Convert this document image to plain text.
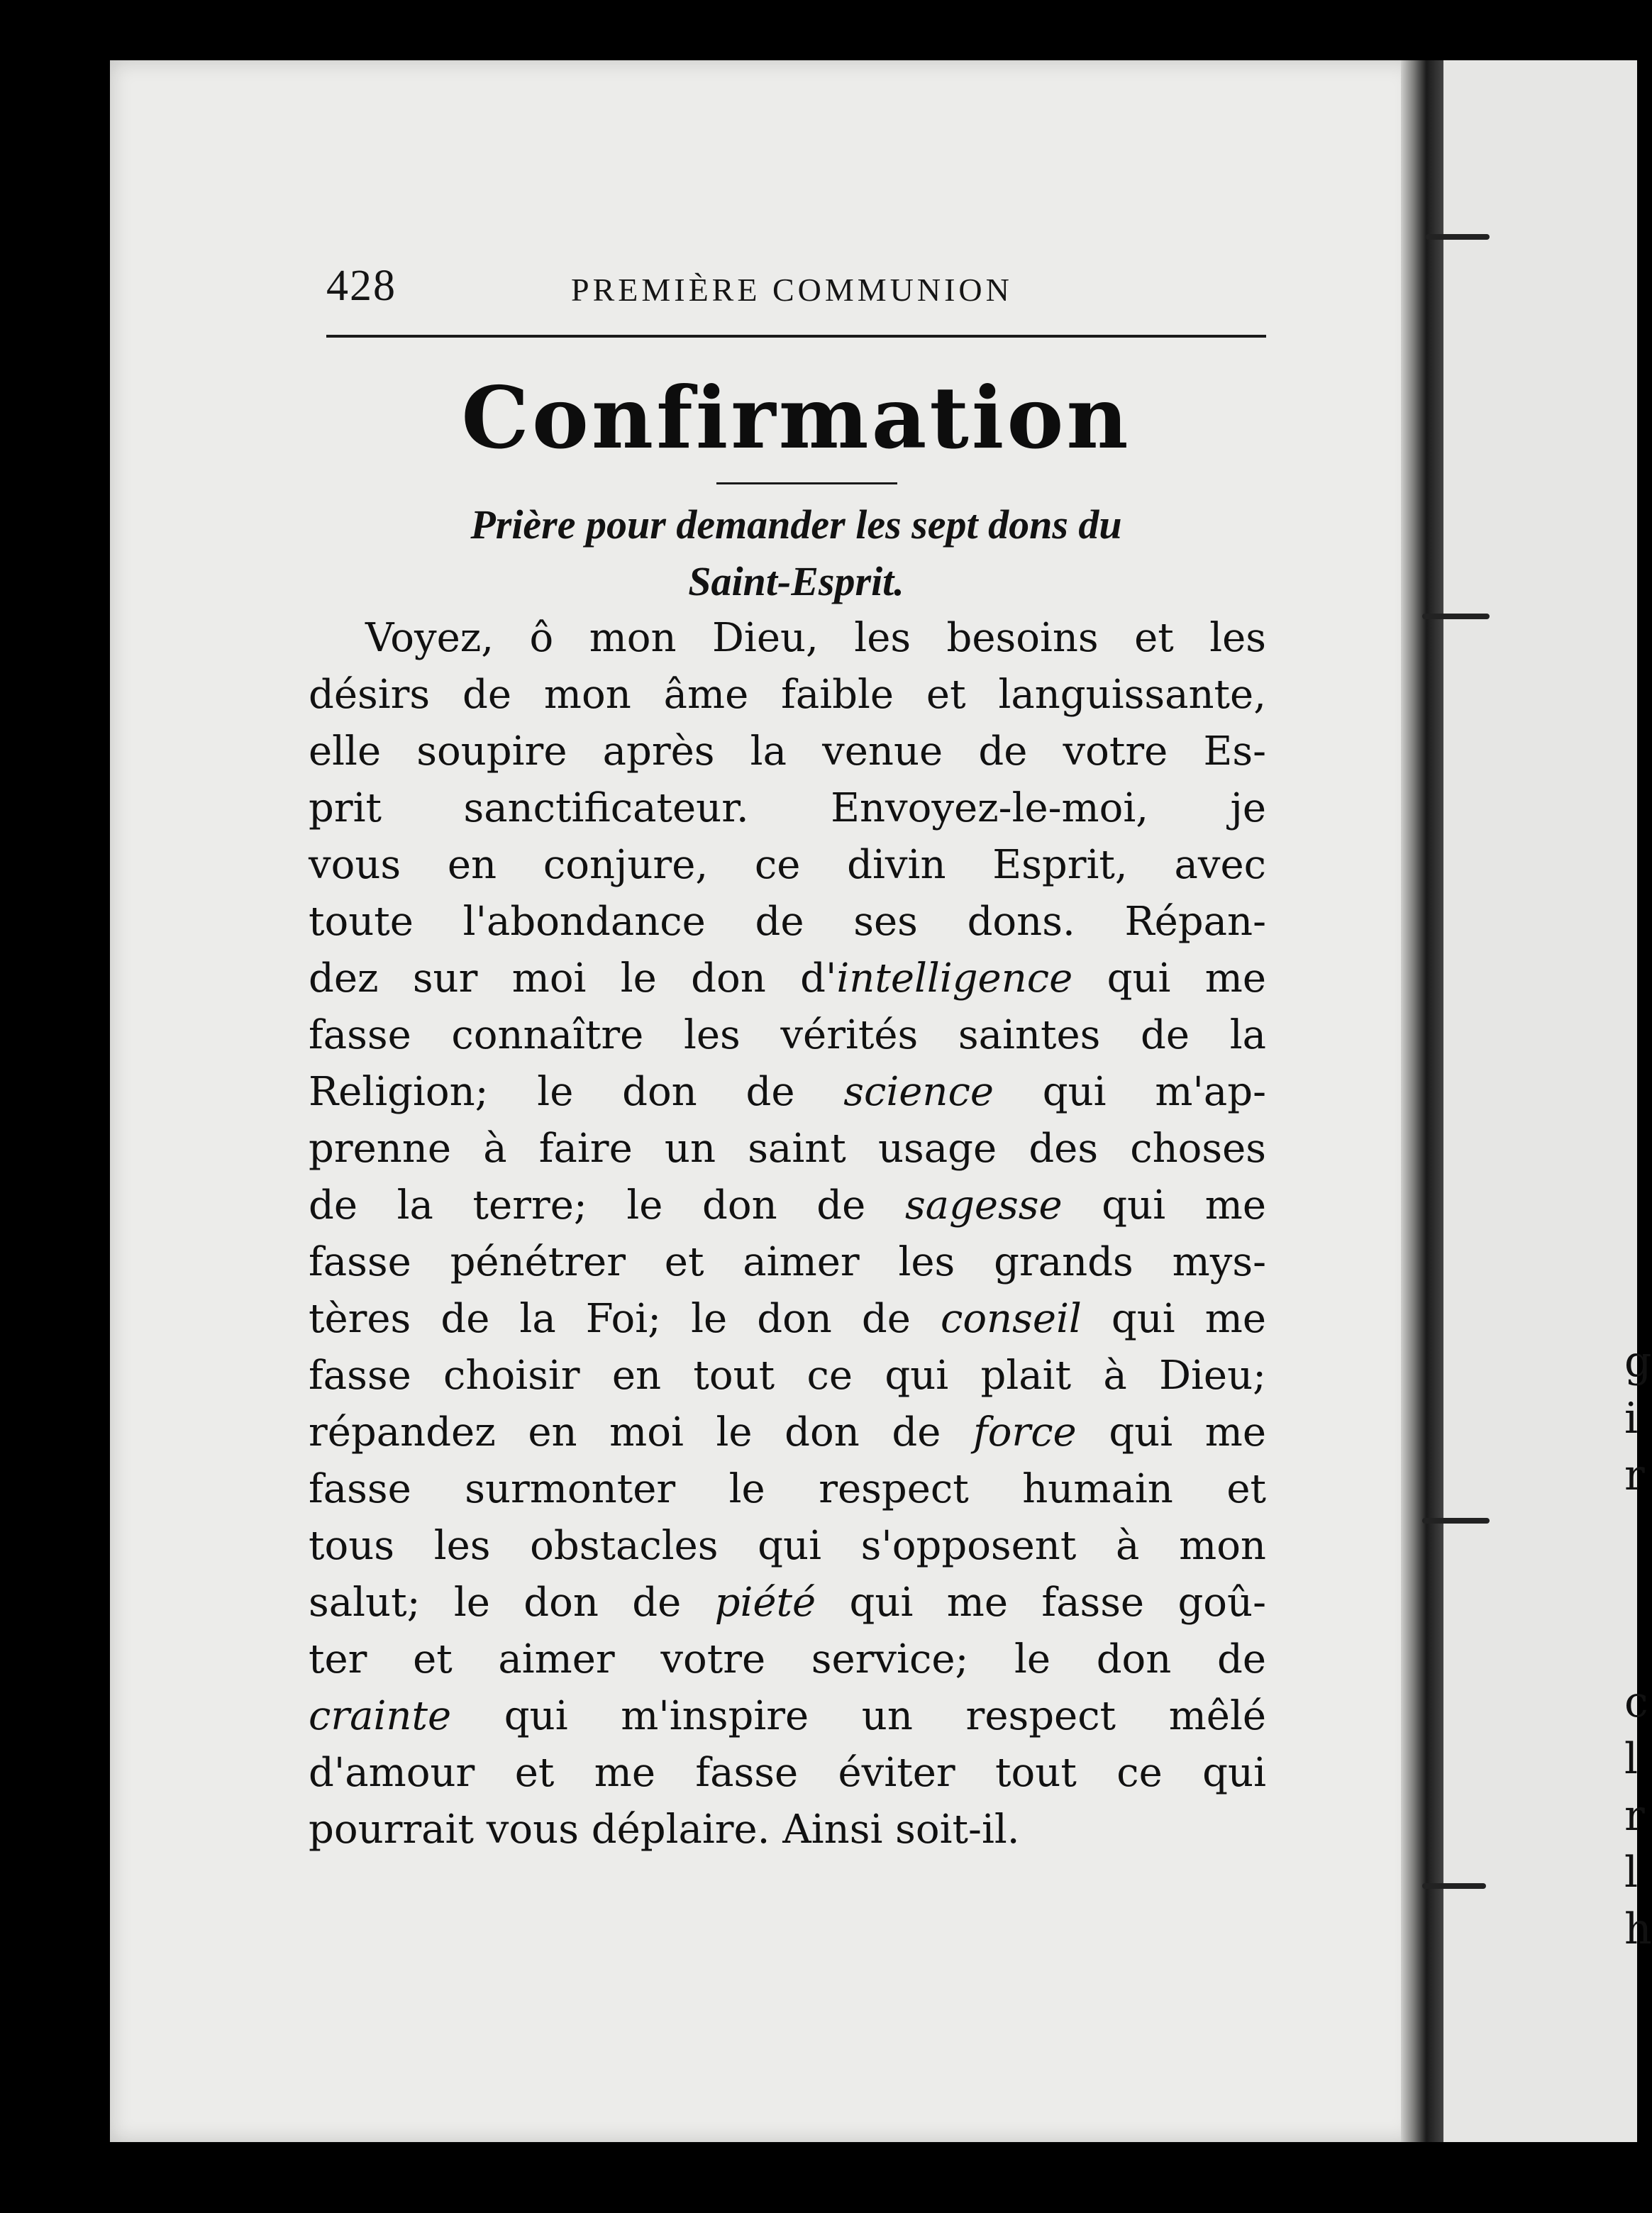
g
i
r
c
l
r
l
h
428	PREMIÈRE COMMUNION
Confirmation
Prière pour demander les sept dons du
Saint-Esprit.
Voyez, ô mon Dieu, les besoins et les
désirs de mon âme faible et languissante,
elle soupire après la venue de votre Es-
prit sanctificateur. Envoyez-le-moi, je
vous en conjure, ce divin Esprit, avec
toute l'abondance de ses dons. Répan-
dez sur moi le don d'intelligence qui me
fasse connaître les vérités saintes de la
Religion; le don de science qui m'ap-
prenne à faire un saint usage des choses
de la terre; le don de sagesse qui me
fasse pénétrer et aimer les grands mys-
tères de la Foi; le don de conseil qui me
fasse choisir en tout ce qui plait à Dieu;
répandez en moi le don de force qui me
fasse surmonter le respect humain et
tous les obstacles qui s'opposent à mon
salut; le don de piété qui me fasse goû-
ter et aimer votre service; le don de
crainte qui m'inspire un respect mêlé
d'amour et me fasse éviter tout ce qui
pourrait vous déplaire. Ainsi soit-il.
